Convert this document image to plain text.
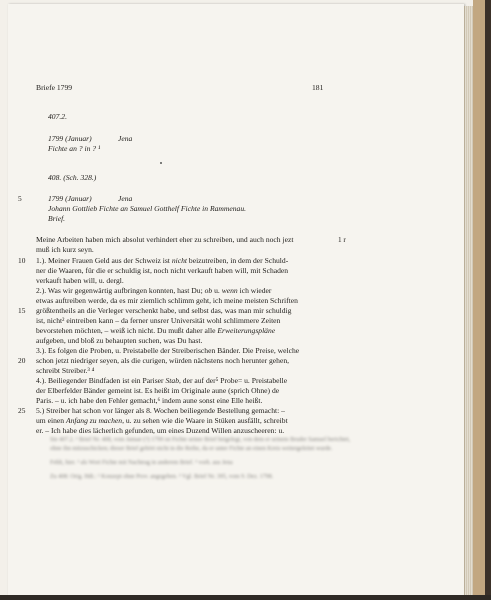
Briefe 1799	181
407.2.
1799 (Januar)	Jena
Fichte an ? in ? ¹
408. (Sch. 328.)
5	1799 (Januar)	Jena
Johann Gottlieb Fichte an Samuel Gotthelf Fichte in Rammenau.
Brief.
1 r
10
15
20
25
Meine Arbeiten haben mich absolut verhindert eher zu schreiben, und auch noch jezt
muß ich kurz seyn.
1.). Meiner Frauen Geld aus der Schweiz ist nicht beizutreiben, in dem der Schuld-
ner die Waaren, für die er schuldig ist, noch nicht verkauft haben will, mit Schaden
verkauft haben will, u. dergl.
2.). Was wir gegenwärtig aufbringen konnten, hast Du; ob u. wenn ich wieder
etwas auftreiben werde, da es mir ziemlich schlimm geht, ich meine meisten Schriften
größtentheils an die Verleger verschenkt habe, und selbst das, was man mir schuldig
ist, nicht² eintreiben kann – da ferner unsrer Universität wohl schlimmere Zeiten
bevorstehen möchten, – weiß ich nicht. Du mußt daher alle Erweiterungspläne
aufgeben, und bloß zu behaupten suchen, was Du hast.
3.). Es folgen die Proben, u. Preistabelle der Streiberischen Bänder. Die Preise, welche
schon jetzt niedriger seyen, als die curigen, würden nächstens noch herunter gehen,
schreibt Streiber.³ ⁴
4.). Beiliegender Bindfaden ist ein Pariser Stab, der auf der⁵ Probe= u. Preistabelle
der Elberfelder Bänder gemeint ist. Es heißt im Originale aune (sprich Ohne) de
Paris. – u. ich habe den Fehler gemacht,⁶ indem aune sonst eine Elle heißt.
5.) Streiber hat schon vor länger als 8. Wochen beiliegende Bestellung gemacht: –
um einen Anfang zu machen, u. zu sehen wie die Waare in Stüken ausfällt, schreibt
er. – Ich habe dies lächerlich gefunden, um eines Duzend Willen anzuscheeren: u.
Sie 407.2. ¹ Brief Nr. 408, vom Januar (?) 1799 ist Fichte seiner Brief beigelegt, von dem er seinem Bruder Samuel berichtet, ohne ihn mitzuschicken; dieser Brief gehört nicht in die Reihe, da er unter Fichte an einen Kreis weitergeleitet wurde.
Fehlt, hier. ² als Wort Fichte mit Nachtrag in anderem Brief. ³ vorh. aus Jena
Zu 408: Orig. Hdt.: ² Konzept ohne Prov. angegeben. ³ Vgl. Brief Nr. 395, vom 9. Dez. 1798.
